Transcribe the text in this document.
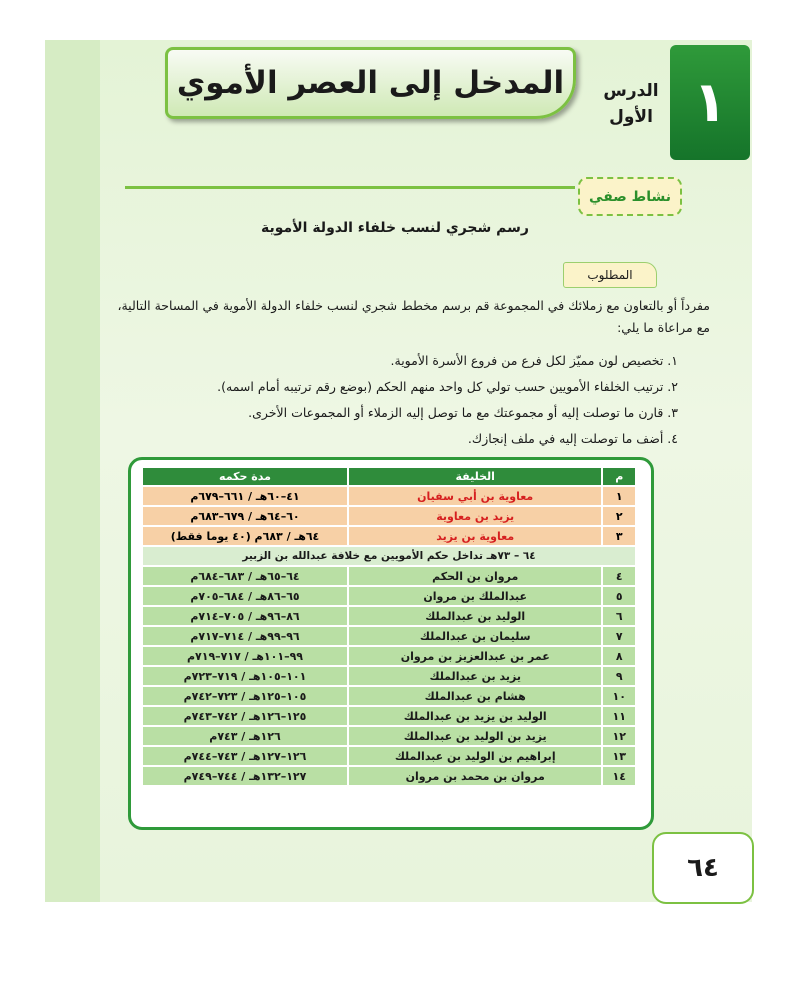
١
الدرس الأول
المدخل إلى العصر الأموي
نشاط صفي
رسم شجري لنسب خلفاء الدولة الأموية
المطلوب
مفرداً أو بالتعاون مع زملائك في المجموعة قم برسم مخطط شجري لنسب خلفاء الدولة الأموية في المساحة التالية، مع مراعاة ما يلي:
١. تخصيص لون مميّز لكل فرع من فروع الأسرة الأموية.
٢. ترتيب الخلفاء الأمويين حسب تولي كل واحد منهم الحكم (بوضع رقم ترتيبه أمام اسمه).
٣. قارن ما توصلت إليه أو مجموعتك مع ما توصل إليه الزملاء أو المجموعات الأخرى.
٤. أضف ما توصلت إليه في ملف إنجازك.
م	الخليفة	مدة حكمه
١	معاوية بن أبي سفيان	٤١–٦٠هـ / ٦٦١–٦٧٩م
٢	يزيد بن معاوية	٦٠–٦٤هـ / ٦٧٩–٦٨٣م
٣	معاوية بن يزيد	٦٤هـ / ٦٨٣م (٤٠ يوما فقط)
٦٤ – ٧٣هـ تداخل حكم الأمويين مع خلافة عبدالله بن الزبير		
٤	مروان بن الحكم	٦٤–٦٥هـ / ٦٨٣–٦٨٤م
٥	عبدالملك بن مروان	٦٥–٨٦هـ / ٦٨٤–٧٠٥م
٦	الوليد بن عبدالملك	٨٦–٩٦هـ / ٧٠٥–٧١٤م
٧	سليمان بن عبدالملك	٩٦–٩٩هـ / ٧١٤–٧١٧م
٨	عمر بن عبدالعزيز بن مروان	٩٩–١٠١هـ / ٧١٧–٧١٩م
٩	يزيد بن عبدالملك	١٠١–١٠٥هـ / ٧١٩–٧٢٣م
١٠	هشام بن عبدالملك	١٠٥–١٢٥هـ / ٧٢٣–٧٤٢م
١١	الوليد بن يزيد بن عبدالملك	١٢٥–١٢٦هـ / ٧٤٢–٧٤٣م
١٢	يزيد بن الوليد بن عبدالملك	١٢٦هـ / ٧٤٣م
١٣	إبراهيم بن الوليد بن عبدالملك	١٢٦–١٢٧هـ / ٧٤٣–٧٤٤م
١٤	مروان بن محمد بن مروان	١٢٧–١٣٢هـ / ٧٤٤–٧٤٩م
٦٤
